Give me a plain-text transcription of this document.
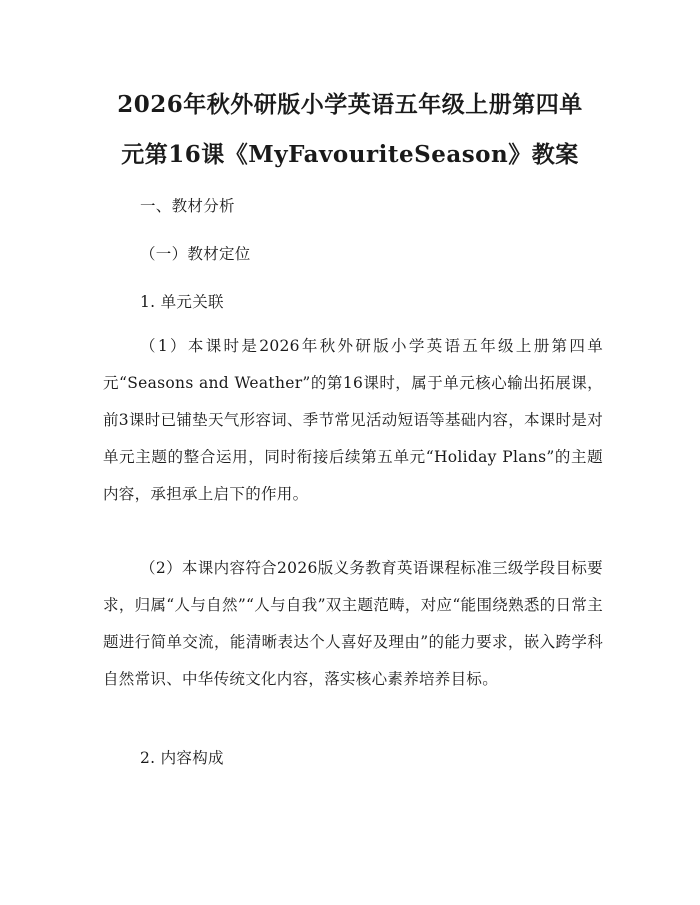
2026年秋外研版小学英语五年级上册第四单
元第16课《MyFavouriteSeason》教案
一、教材分析
（一）教材定位
1. 单元关联
（1）本课时是2026年秋外研版小学英语五年级上册第四单元“Seasons and Weather”的第16课时，属于单元核心输出拓展课，前3课时已铺垫天气形容词、季节常见活动短语等基础内容，本课时是对单元主题的整合运用，同时衔接后续第五单元“Holiday Plans”的主题内容，承担承上启下的作用。
（2）本课内容符合2026版义务教育英语课程标准三级学段目标要求，归属“人与自然”“人与自我”双主题范畴，对应“能围绕熟悉的日常主题进行简单交流，能清晰表达个人喜好及理由”的能力要求，嵌入跨学科自然常识、中华传统文化内容，落实核心素养培养目标。
2. 内容构成
